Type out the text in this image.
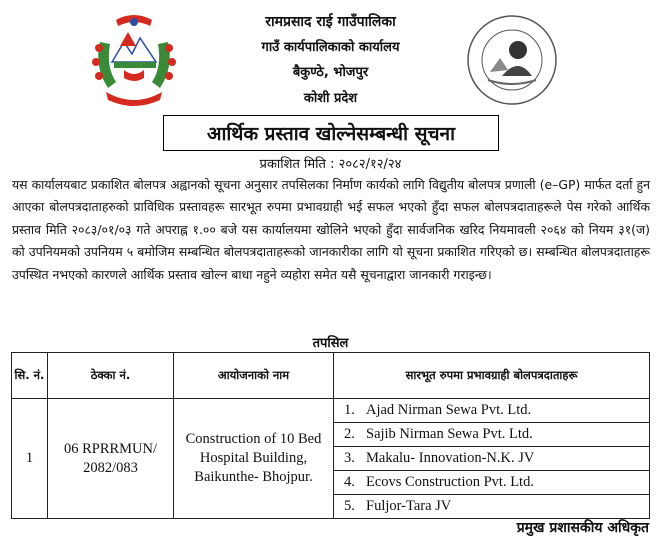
रामप्रसाद राई गाउँपालिका
गाउँ कार्यपालिकाको कार्यालय
बैकुण्ठे, भोजपुर
कोशी प्रदेश
आर्थिक प्रस्ताव खोल्नेसम्बन्धी सूचना
प्रकाशित मिति : २०८२/१२/२४

यस कार्यालयबाट प्रकाशित बोलपत्र अह्वानको सूचना अनुसार तपसिलका निर्माण कार्यको लागि विद्युतीय बोलपत्र प्रणाली (e–GP) मार्फत दर्ता हुन आएका बोलपत्रदाताहरुको प्राविधिक प्रस्तावहरू सारभूत रुपमा प्रभावग्राही भई सफल भएको हुँदा सफल बोलपत्रदाताहरूले पेस गरेको आर्थिक प्रस्ताव मिति २०८३/०१/०३ गते अपराह्न १.०० बजे यस कार्यालयमा खोलिने भएको हुँदा सार्वजनिक खरिद नियमावली २०६४ को नियम ३१(ज) को उपनियमको उपनियम ५ बमोजिम सम्बन्धित बोलपत्रदाताहरूको जानकारीका लागि यो सूचना प्रकाशित गरिएको छ। सम्बन्धित बोलपत्रदाताहरू उपस्थित नभएको कारणले आर्थिक प्रस्ताव खोल्न बाधा नहुने व्यहोरा समेत यसै सूचनाद्वारा जानकारी गराइन्छ।

तपसिल
सि. नं.	ठेक्का नं.	आयोजनाको नाम	सारभूत रुपमा प्रभावग्राही बोलपत्रदाताहरू
1	06 RPRRMUN/ 2082/083	Construction of 10 Bed Hospital Building, Baikunthe- Bhojpur.	1. Ajad Nirman Sewa Pvt. Ltd.
2. Sajib Nirman Sewa Pvt. Ltd.
3. Makalu- Innovation-N.K. JV
4. Ecovs Construction Pvt. Ltd.
5. Fuljor-Tara JV
प्रमुख प्रशासकीय अधिकृत
